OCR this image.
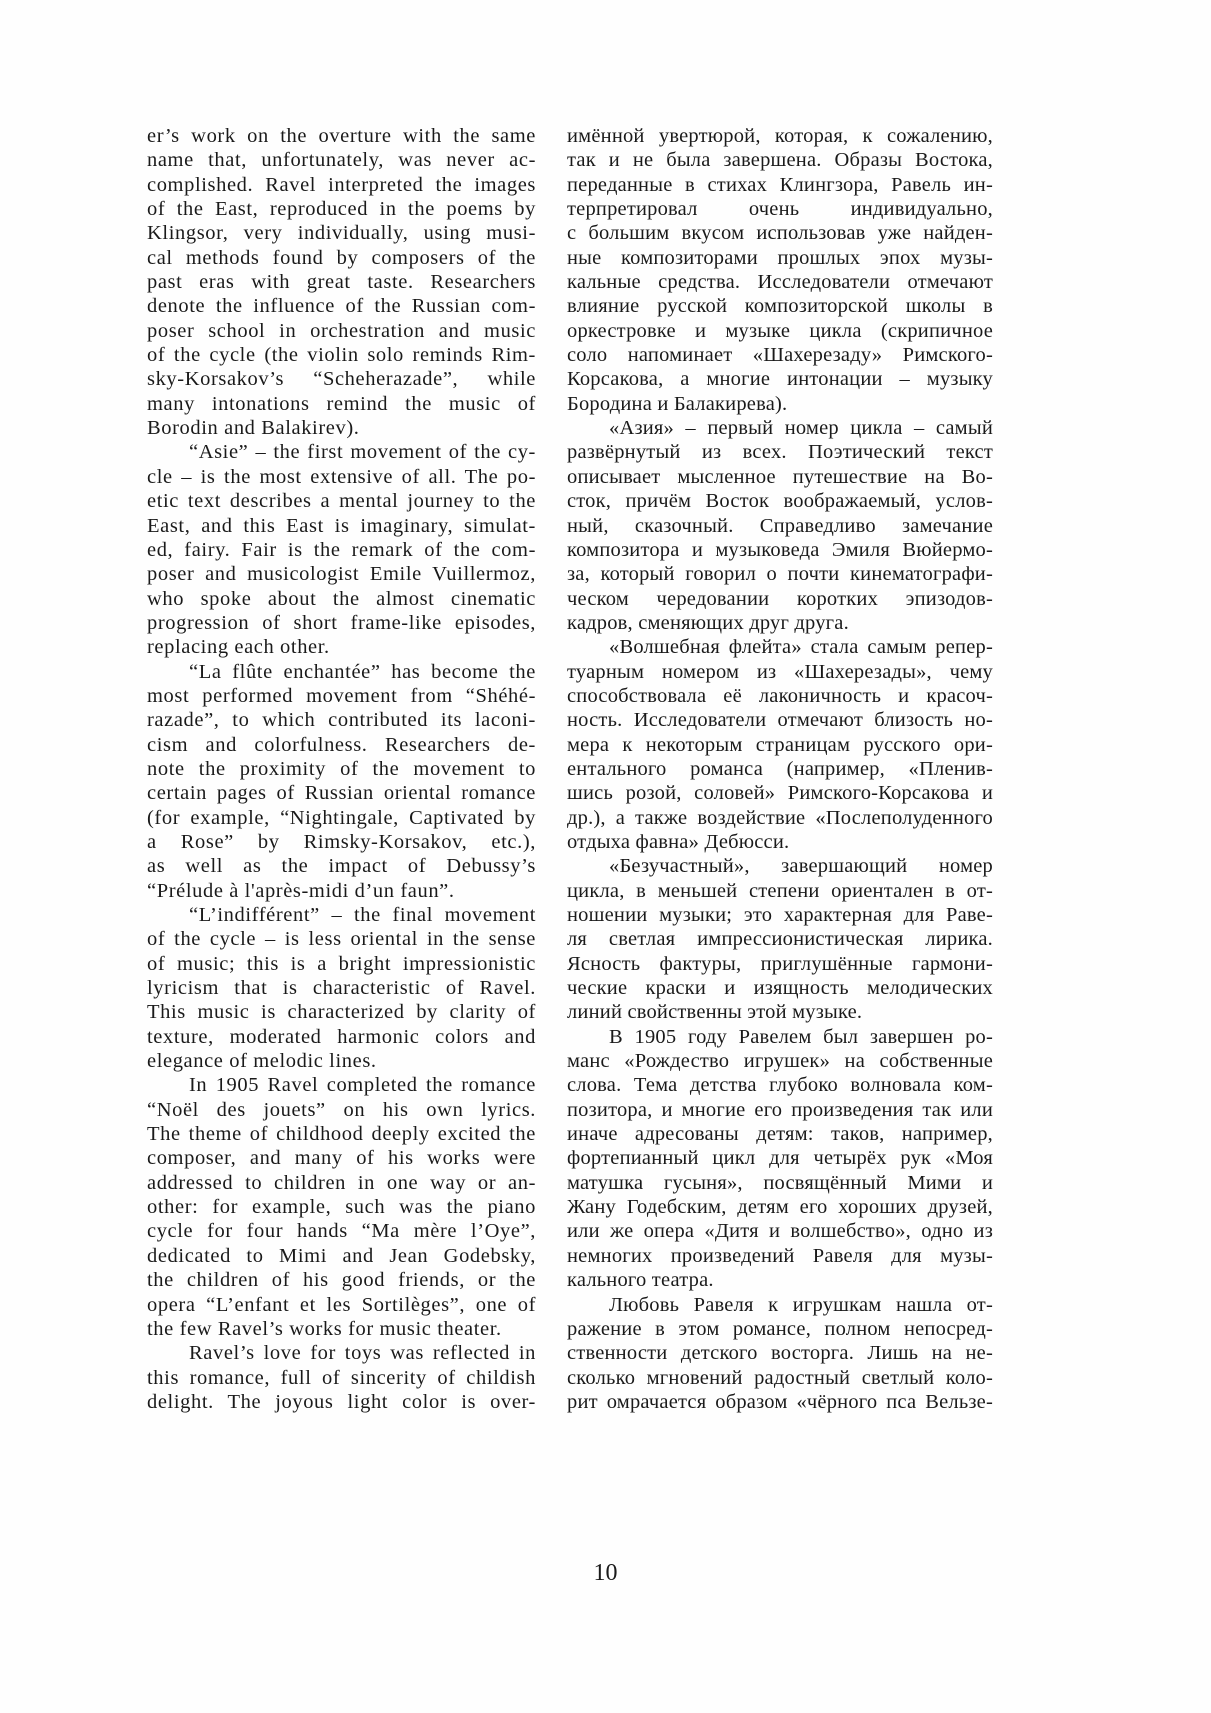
er’s work on the overture with the same
name that, unfortunately, was never ac-
complished. Ravel interpreted the images
of the East, reproduced in the poems by
Klingsor, very individually, using musi-
cal methods found by composers of the
past eras with great taste. Researchers
denote the influence of the Russian com-
poser school in orchestration and music
of the cycle (the violin solo reminds Rim-
sky-Korsakov’s “Scheherazade”, while
many intonations remind the music of
Borodin and Balakirev).
“Asie” – the first movement of the cy-
cle – is the most extensive of all. The po-
etic text describes a mental journey to the
East, and this East is imaginary, simulat-
ed, fairy. Fair is the remark of the com-
poser and musicologist Emile Vuillermoz,
who spoke about the almost cinematic
progression of short frame-like episodes,
replacing each other.
“La flûte enchantée” has become the
most performed movement from “Shéhé-
razade”, to which contributed its laconi-
cism and colorfulness. Researchers de-
note the proximity of the movement to
certain pages of Russian oriental romance
(for example, “Nightingale, Captivated by
a Rose” by Rimsky-Korsakov, etc.),
as well as the impact of Debussy’s
“Prélude à l'après-midi d’un faun”.
“L’indifférent” – the final movement
of the cycle – is less oriental in the sense
of music; this is a bright impressionistic
lyricism that is characteristic of Ravel.
This music is characterized by clarity of
texture, moderated harmonic colors and
elegance of melodic lines.
In 1905 Ravel completed the romance
“Noël des jouets” on his own lyrics.
The theme of childhood deeply excited the
composer, and many of his works were
addressed to children in one way or an-
other: for example, such was the piano
cycle for four hands “Ma mère l’Oye”,
dedicated to Mimi and Jean Godebsky,
the children of his good friends, or the
opera “L’enfant et les Sortilèges”, one of
the few Ravel’s works for music theater.
Ravel’s love for toys was reflected in
this romance, full of sincerity of childish
delight. The joyous light color is over-
имённой увертюрой, которая, к сожалению,
так и не была завершена. Образы Востока,
переданные в стихах Клингзора, Равель ин-
терпретировал очень индивидуально,
с большим вкусом использовав уже найден-
ные композиторами прошлых эпох музы-
кальные средства. Исследователи отмечают
влияние русской композиторской школы в
оркестровке и музыке цикла (скрипичное
соло напоминает «Шахерезаду» Римского-
Корсакова, а многие интонации – музыку
Бородина и Балакирева).
«Азия» – первый номер цикла – самый
развёрнутый из всех. Поэтический текст
описывает мысленное путешествие на Во-
сток, причём Восток воображаемый, услов-
ный, сказочный. Справедливо замечание
композитора и музыковеда Эмиля Вюйермо-
за, который говорил о почти кинематографи-
ческом чередовании коротких эпизодов-
кадров, сменяющих друг друга.
«Волшебная флейта» стала самым репер-
туарным номером из «Шахерезады», чему
способствовала её лаконичность и красоч-
ность. Исследователи отмечают близость но-
мера к некоторым страницам русского ори-
ентального романса (например, «Пленив-
шись розой, соловей» Римского-Корсакова и
др.), а также воздействие «Послеполуденного
отдыха фавна» Дебюсси.
«Безучастный», завершающий номер
цикла, в меньшей степени ориентален в от-
ношении музыки; это характерная для Раве-
ля светлая импрессионистическая лирика.
Ясность фактуры, приглушённые гармони-
ческие краски и изящность мелодических
линий свойственны этой музыке.
В 1905 году Равелем был завершен ро-
манс «Рождество игрушек» на собственные
слова. Тема детства глубоко волновала ком-
позитора, и многие его произведения так или
иначе адресованы детям: таков, например,
фортепианный цикл для четырёх рук «Моя
матушка гусыня», посвящённый Мими и
Жану Годебским, детям его хороших друзей,
или же опера «Дитя и волшебство», одно из
немногих произведений Равеля для музы-
кального театра.
Любовь Равеля к игрушкам нашла от-
ражение в этом романсе, полном непосред-
ственности детского восторга. Лишь на не-
сколько мгновений радостный светлый коло-
рит омрачается образом «чёрного пса Вельзе-
10
